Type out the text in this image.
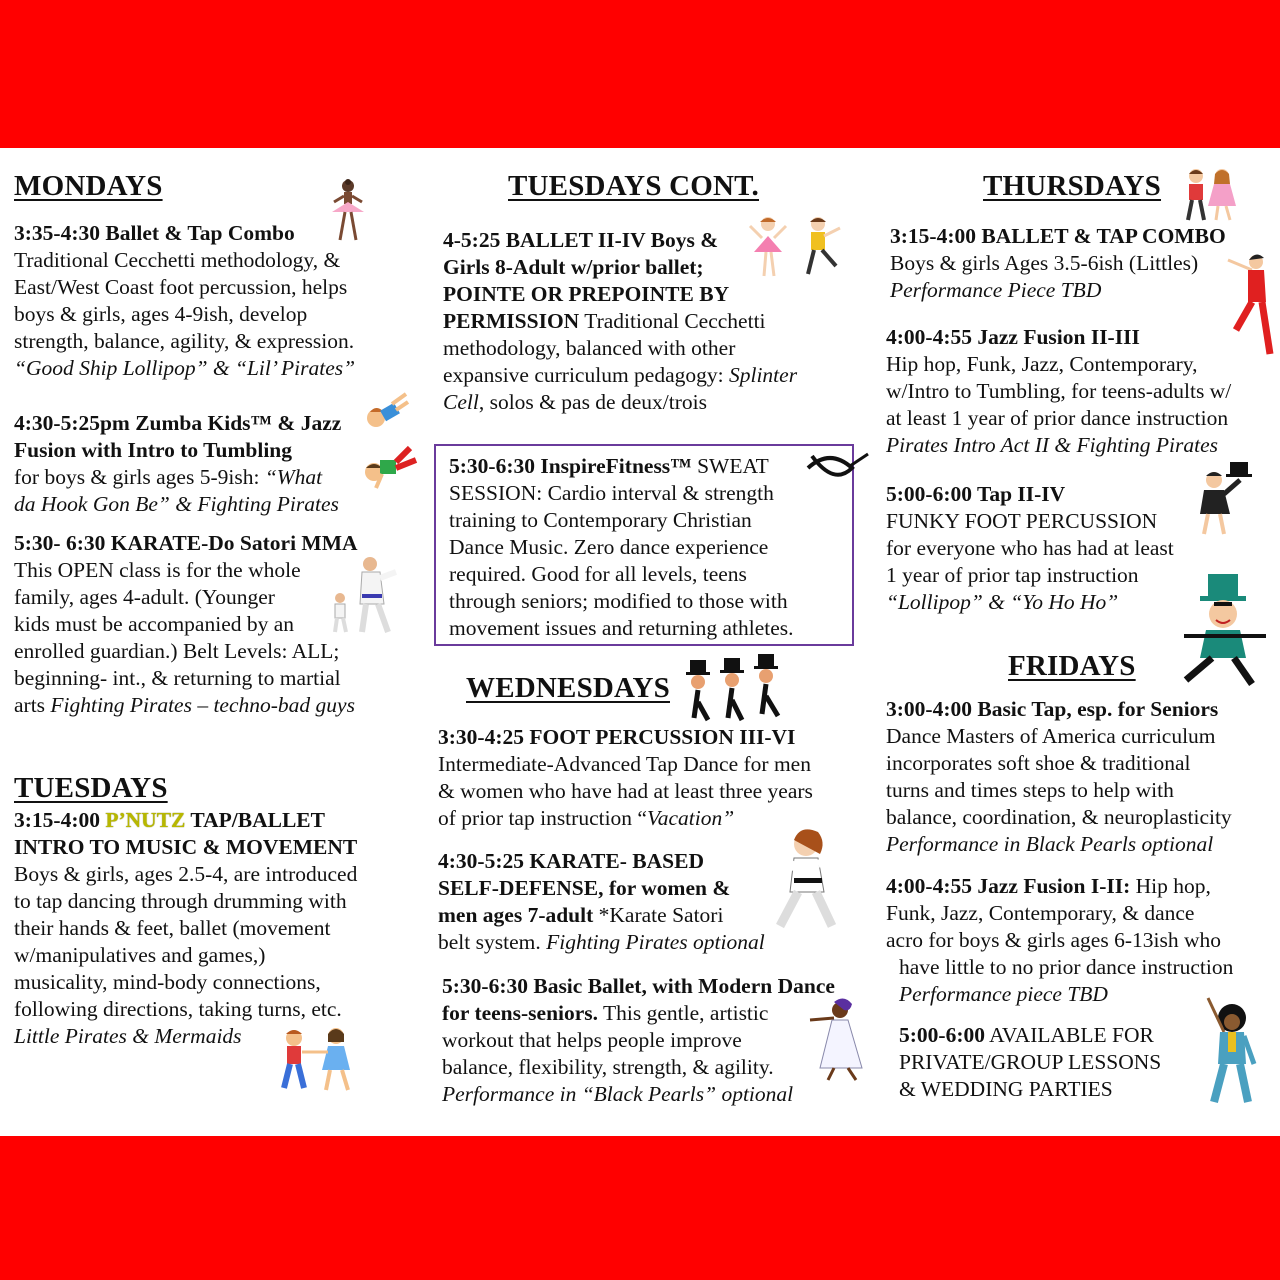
MONDAYS

3:35-4:30 Ballet & Tap Combo

Traditional Cecchetti methodology, &

East/West Coast foot percussion, helps

boys & girls, ages 4-9ish, develop

strength, balance, agility, & expression.

“Good Ship Lollipop” & “Lil’ Pirates”

4:30-5:25pm Zumba Kids™ & Jazz

Fusion with Intro to Tumbling

for boys & girls ages 5-9ish: “What

da Hook Gon Be” & Fighting Pirates

5:30- 6:30 KARATE-Do Satori MMA

This OPEN class is for the whole

family, ages 4-adult. (Younger

kids must be accompanied by an

enrolled guardian.) Belt Levels: ALL;

beginning- int., & returning to martial

arts Fighting Pirates – techno-bad guys

TUESDAYS

3:15-4:00 P’NUTZ TAP/BALLET

INTRO TO MUSIC & MOVEMENT

Boys & girls, ages 2.5-4, are introduced

to tap dancing through drumming with

their hands & feet, ballet (movement

w/manipulatives and games,)

musicality, mind-body connections,

following directions, taking turns, etc.

Little Pirates & Mermaids

TUESDAYS CONT.

4-5:25 BALLET II-IV Boys &

Girls 8-Adult w/prior ballet;

POINTE OR PREPOINTE BY

PERMISSION Traditional Cecchetti

methodology, balanced with other

expansive curriculum pedagogy: Splinter

Cell, solos & pas de deux/trois

5:30-6:30 InspireFitness™ SWEAT

SESSION: Cardio interval & strength

training to Contemporary Christian

Dance Music. Zero dance experience

required. Good for all levels, teens

through seniors; modified to those with

movement issues and returning athletes.

WEDNESDAYS

3:30-4:25 FOOT PERCUSSION III-VI

Intermediate-Advanced Tap Dance for men

& women who have had at least three years

of prior tap instruction “Vacation”

4:30-5:25 KARATE- BASED

SELF-DEFENSE, for women &

men ages 7-adult *Karate Satori

belt system. Fighting Pirates optional

5:30-6:30 Basic Ballet, with Modern Dance

for teens-seniors. This gentle, artistic

workout that helps people improve

balance, flexibility, strength, & agility.

Performance in “Black Pearls” optional

THURSDAYS

3:15-4:00 BALLET & TAP COMBO

Boys & girls Ages 3.5-6ish (Littles)

Performance Piece TBD

4:00-4:55 Jazz Fusion II-III

Hip hop, Funk, Jazz, Contemporary,

w/Intro to Tumbling, for teens-adults w/

at least 1 year of prior dance instruction

Pirates Intro Act II & Fighting Pirates

5:00-6:00 Tap II-IV

FUNKY FOOT PERCUSSION

for everyone who has had at least

1 year of prior tap instruction

“Lollipop” & “Yo Ho Ho”

FRIDAYS

3:00-4:00 Basic Tap, esp. for Seniors

Dance Masters of America curriculum

incorporates soft shoe & traditional

turns and times steps to help with

balance, coordination, & neuroplasticity

Performance in Black Pearls optional

4:00-4:55 Jazz Fusion I-II: Hip hop,

Funk, Jazz, Contemporary, & dance

acro for boys & girls ages 6-13ish who

have little to no prior dance instruction

Performance piece TBD

5:00-6:00 AVAILABLE FOR

PRIVATE/GROUP LESSONS

& WEDDING PARTIES
